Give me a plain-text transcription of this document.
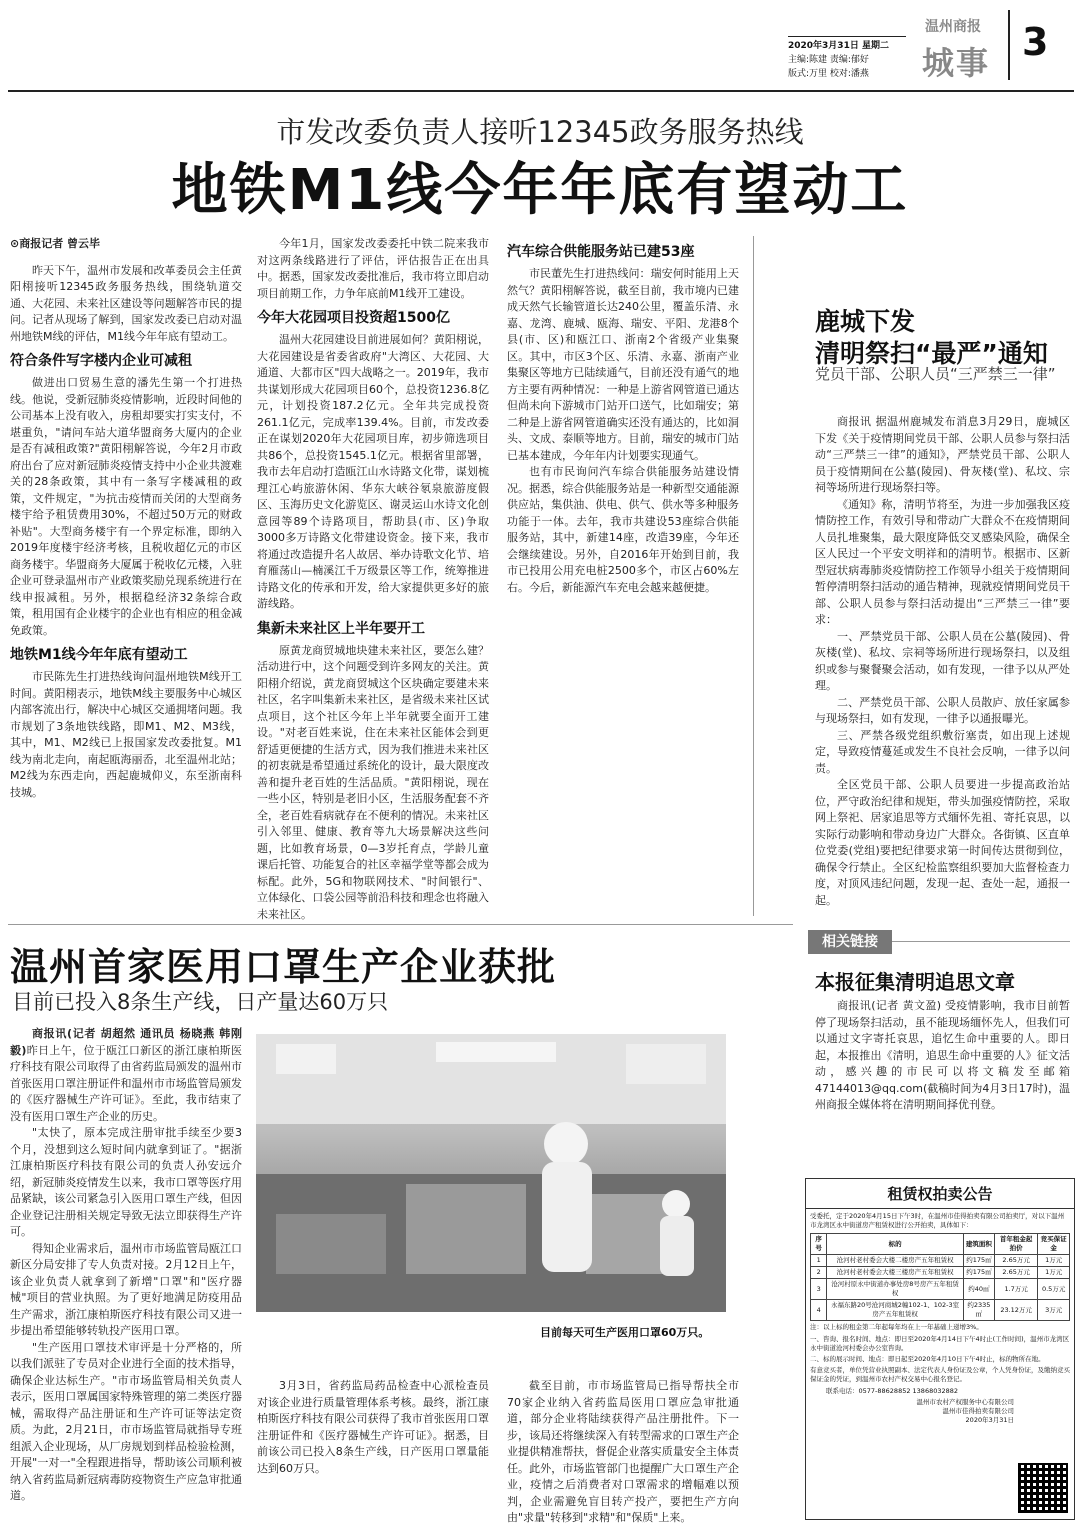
2020年3月31日 星期二
主编:陈建 责编:郁好
版式:万里 校对:潘燕
温州商报
城事 3
市发改委负责人接听12345政务服务热线
地铁M1线今年年底有望动工
⊙商报记者 曾云毕

昨天下午，温州市发展和改革委员会主任黄阳栩接听12345政务服务热线，围绕轨道交通、大花园、未来社区建设等问题解答市民的提问。记者从现场了解到，国家发改委已启动对温州地铁M线的评估，M1线今年年底有望动工。

符合条件写字楼内企业可减租

做进出口贸易生意的潘先生第一个打进热线。他说，受新冠肺炎疫情影响，近段时间他的公司基本上没有收入，房租却要实打实支付，不堪重负，"请问车站大道华盟商务大厦内的企业是否有减租政策?"黄阳栩解答说，今年2月市政府出台了应对新冠肺炎疫情支持中小企业共渡难关的28条政策，其中有一条写字楼减租的政策，文件规定，"为抗击疫情而关闭的大型商务楼宇给予租赁费用30%，不超过50万元的财政补贴"。大型商务楼宇有一个界定标准，即纳入2019年度楼宇经济考核，且税收超亿元的市区商务楼宇。华盟商务大厦属于税收亿元楼，入驻企业可登录温州市产业政策奖励兑现系统进行在线申报减租。另外，根据稳经济32条综合政策，租用国有企业楼宇的企业也有相应的租金减免政策。

地铁M1线今年年底有望动工

市民陈先生打进热线询问温州地铁M线开工时间。黄阳栩表示，地铁M线主要服务中心城区内部客流出行，解决中心城区交通拥堵问题。我市规划了3条地铁线路，即M1、M2、M3线，其中，M1、M2线已上报国家发改委批复。M1线为南北走向，南起瓯海丽岙，北至温州北站；M2线为东西走向，西起鹿城仰义，东至浙南科技城。

今年1月，国家发改委委托中铁二院来我市对这两条线路进行了评估，评估报告正在出具中。据悉，国家发改委批准后，我市将立即启动项目前期工作，力争年底前M1线开工建设。

今年大花园项目投资超1500亿

温州大花园建设目前进展如何？黄阳栩说，大花园建设是省委省政府"大湾区、大花园、大通道、大都市区"四大战略之一。2019年，我市共谋划形成大花园项目60个，总投资1236.8亿元，计划投资187.2亿元。全年共完成投资261.1亿元，完成率139.4%。目前，市发改委正在谋划2020年大花园项目库，初步筛选项目共86个，总投资1545.1亿元。根据省里部署，我市去年启动打造瓯江山水诗路文化带，谋划梳理江心屿旅游休闲、华东大峡谷氡泉旅游度假区、玉海历史文化游览区、谢灵运山水诗文化创意园等89个诗路项目，帮助县(市、区)争取3000多万诗路文化带建设资金。接下来，我市将通过改造提升名人故居、举办诗歌文化节、培育雁荡山—楠溪江千万级景区等工作，统筹推进诗路文化的传承和开发，给大家提供更多好的旅游线路。

集新未来社区上半年要开工

原黄龙商贸城地块建未来社区，要怎么建？活动进行中，这个问题受到许多网友的关注。黄阳栩介绍说，黄龙商贸城这个区块确定要建未来社区，名字叫集新未来社区，是省级未来社区试点项目，这个社区今年上半年就要全面开工建设。"对老百姓来说，住在未来社区能体会到更舒适更便捷的生活方式，因为我们推进未来社区的初衷就是希望通过系统化的设计，最大限度改善和提升老百姓的生活品质。"黄阳栩说，现在一些小区，特别是老旧小区，生活服务配套不齐全，老百姓看病就存在不便利的情况。未来社区引入邻里、健康、教育等九大场景解决这些问题，比如教育场景，0—3岁托育点，学龄儿童课后托管、功能复合的社区幸福学堂等都会成为标配。此外，5G和物联网技术、"时间银行"、立体绿化、口袋公园等前沿科技和理念也将融入未来社区。

汽车综合供能服务站已建53座

市民董先生打进热线问：瑞安何时能用上天然气？黄阳栩解答说，截至目前，我市境内已建成天然气长输管道长达240公里，覆盖乐清、永嘉、龙湾、鹿城、瓯海、瑞安、平阳、龙港8个县(市、区)和瓯江口、浙南2个省级产业集聚区。其中，市区3个区、乐清、永嘉、浙南产业集聚区等地方已陆续通气，目前还没有通气的地方主要有两种情况：一种是上游省网管道已通达但尚未向下游城市门站开口送气，比如瑞安；第二种是上游省网管道确实还没有通达的，比如洞头、文成、泰顺等地方。目前，瑞安的城市门站已基本建成，今年年内计划要实现通气。

也有市民询问汽车综合供能服务站建设情况。据悉，综合供能服务站是一种新型交通能源供应站，集供油、供电、供气、供水等多种服务功能于一体。去年，我市共建设53座综合供能服务站，其中，新建14座，改造39座，今年还会继续建设。另外，自2016年开始到目前，我市已投用公用充电桩2500多个，市区占60%左右。今后，新能源汽车充电会越来越便捷。

鹿城下发
清明祭扫“最严”通知
党员干部、公职人员“三严禁三一律”

商报讯 据温州鹿城发布消息3月29日，鹿城区下发《关于疫情期间党员干部、公职人员参与祭扫活动“三严禁三一律”的通知》，严禁党员干部、公职人员于疫情期间在公墓(陵园)、骨灰楼(堂)、私坟、宗祠等场所进行现场祭扫等。

《通知》称，清明节将至，为进一步加强我区疫情防控工作，有效引导和带动广大群众不在疫情期间人员扎堆聚集，最大限度降低交叉感染风险，确保全区人民过一个平安文明祥和的清明节。根据市、区新型冠状病毒肺炎疫情防控工作领导小组关于疫情期间暂停清明祭扫活动的通告精神，现就疫情期间党员干部、公职人员参与祭扫活动提出“三严禁三一律”要求：

一、严禁党员干部、公职人员在公墓(陵园)、骨灰楼(堂)、私坟、宗祠等场所进行现场祭扫，以及组织或参与聚餐聚会活动，如有发现，一律予以从严处理。

二、严禁党员干部、公职人员散庐、放任家属参与现场祭扫，如有发现，一律予以通报曝光。

三、严禁各级党组织敷衍塞责，如出现上述规定，导致疫情蔓延或发生不良社会反响，一律予以问责。

全区党员干部、公职人员要进一步提高政治站位，严守政治纪律和规矩，带头加强疫情防控，采取网上祭祀、居家追思等方式缅怀先祖、寄托哀思，以实际行动影响和带动身边广大群众。各街镇、区直单位党委(党组)要把纪律要求第一时间传达贯彻到位，确保令行禁止。全区纪检监察组织要加大监督检查力度，对顶风违纪问题，发现一起、查处一起，通报一起。

相关链接
本报征集清明追思文章

商报讯(记者 黄文盈) 受疫情影响，我市目前暂停了现场祭扫活动，虽不能现场缅怀先人，但我们可以通过文字寄托哀思，追忆生命中重要的人。即日起，本报推出《清明，追思生命中重要的人》征文活动，感兴趣的市民可以将文稿发至邮箱47144013@qq.com(截稿时间为4月3日17时)，温州商报全媒体将在清明期间择优刊登。

租赁权拍卖公告
受委托，定于2020年4月15日下午3时，在温州市佳得拍卖有限公司拍卖厅，对以下温州市龙湾区永中街道房产租赁权进行公开拍卖，具体如下：
序号	标的	建筑面积	首年租金起拍价	竞买保证金
1	沧河村老村委会大楼二楼房产五年租赁权	约175㎡	2.65万元	1万元
2	沧河村老村委会大楼三楼房产五年租赁权	约175㎡	2.65万元	1万元
3	沧河村原永中街道办事处房8号房产五年租赁权	约40㎡	1.7万元	0.5万元
4	永福东路20号沧河商城2幢102-1、102-3室房产五年租赁权	约2335㎡	23.12万元	3万元
注：以上标的租金第二年起每年均在上一年基础上递增3%。
一、咨询、报名时间、地点：即日至2020年4月14日下午4时止(工作时间)，温州市龙湾区永中街道沧河村委会办公室咨询。
二、标的展示时间、地点：即日起至2020年4月10日下午4时止，标的物所在地。
有意竞买者，单位凭营业执照副本、法定代表人身份证及公章，个人凭身份证，及缴纳竞买保证金的凭证，到温州市农村产权交易中心报名登记。
联系电话：0577-88628852 13868032882
温州市农村产权服务中心有限公司
温州市佳得拍卖有限公司
2020年3月31日
温州首家医用口罩生产企业获批
目前已投入8条生产线，日产量达60万只

商报讯(记者 胡超然 通讯员 杨晓燕 韩刚毅)昨日上午，位于瓯江口新区的浙江康柏斯医疗科技有限公司取得了由省药监局颁发的温州市首张医用口罩注册证件和温州市市场监管局颁发的《医疗器械生产许可证》。至此，我市结束了没有医用口罩生产企业的历史。

"太快了，原本完成注册审批手续至少要3个月，没想到这么短时间内就拿到证了。"据浙江康柏斯医疗科技有限公司的负责人孙安远介绍，新冠肺炎疫情发生以来，我市口罩等医疗用品紧缺，该公司紧急引入医用口罩生产线，但因企业登记注册相关规定导致无法立即获得生产许可。

得知企业需求后，温州市市场监管局瓯江口新区分局安排了专人负责对接。2月12日上午，该企业负责人就拿到了新增"口罩"和"医疗器械"项目的营业执照。为了更好地满足防疫用品生产需求，浙江康柏斯医疗科技有限公司又进一步提出希望能够转轨投产医用口罩。

"生产医用口罩技术审评是十分严格的，所以我们派驻了专员对企业进行全面的技术指导，确保企业达标生产。"市市场监管局相关负责人表示，医用口罩属国家特殊管理的第二类医疗器械，需取得产品注册证和生产许可证等法定资质。为此，2月21日，市市场监管局就指导专班组派入企业现场，从厂房规划到样品检验检测，开展"一对一"全程跟进指导，帮助该公司顺利被纳入省药监局新冠病毒防疫物资生产应急审批通道。

目前每天可生产医用口罩60万只。

3月3日，省药监局药品检查中心派检查员对该企业进行质量管理体系考核。最终，浙江康柏斯医疗科技有限公司获得了我市首张医用口罩注册证件和《医疗器械生产许可证》。据悉，目前该公司已投入8条生产线，日产医用口罩量能达到60万只。

截至目前，市市场监管局已指导帮扶全市70家企业纳入省药监局医用口罩应急审批通道，部分企业将陆续获得产品注册批件。下一步，该局还将继续深入有转型需求的口罩生产企业提供精准帮扶，督促企业落实质量安全主体责任。此外，市场监管部门也提醒广大口罩生产企业，疫情之后消费者对口罩需求的增幅难以预判，企业需避免盲目转产投产，要把生产方向由"求量"转移到"求精"和"保质"上来。
